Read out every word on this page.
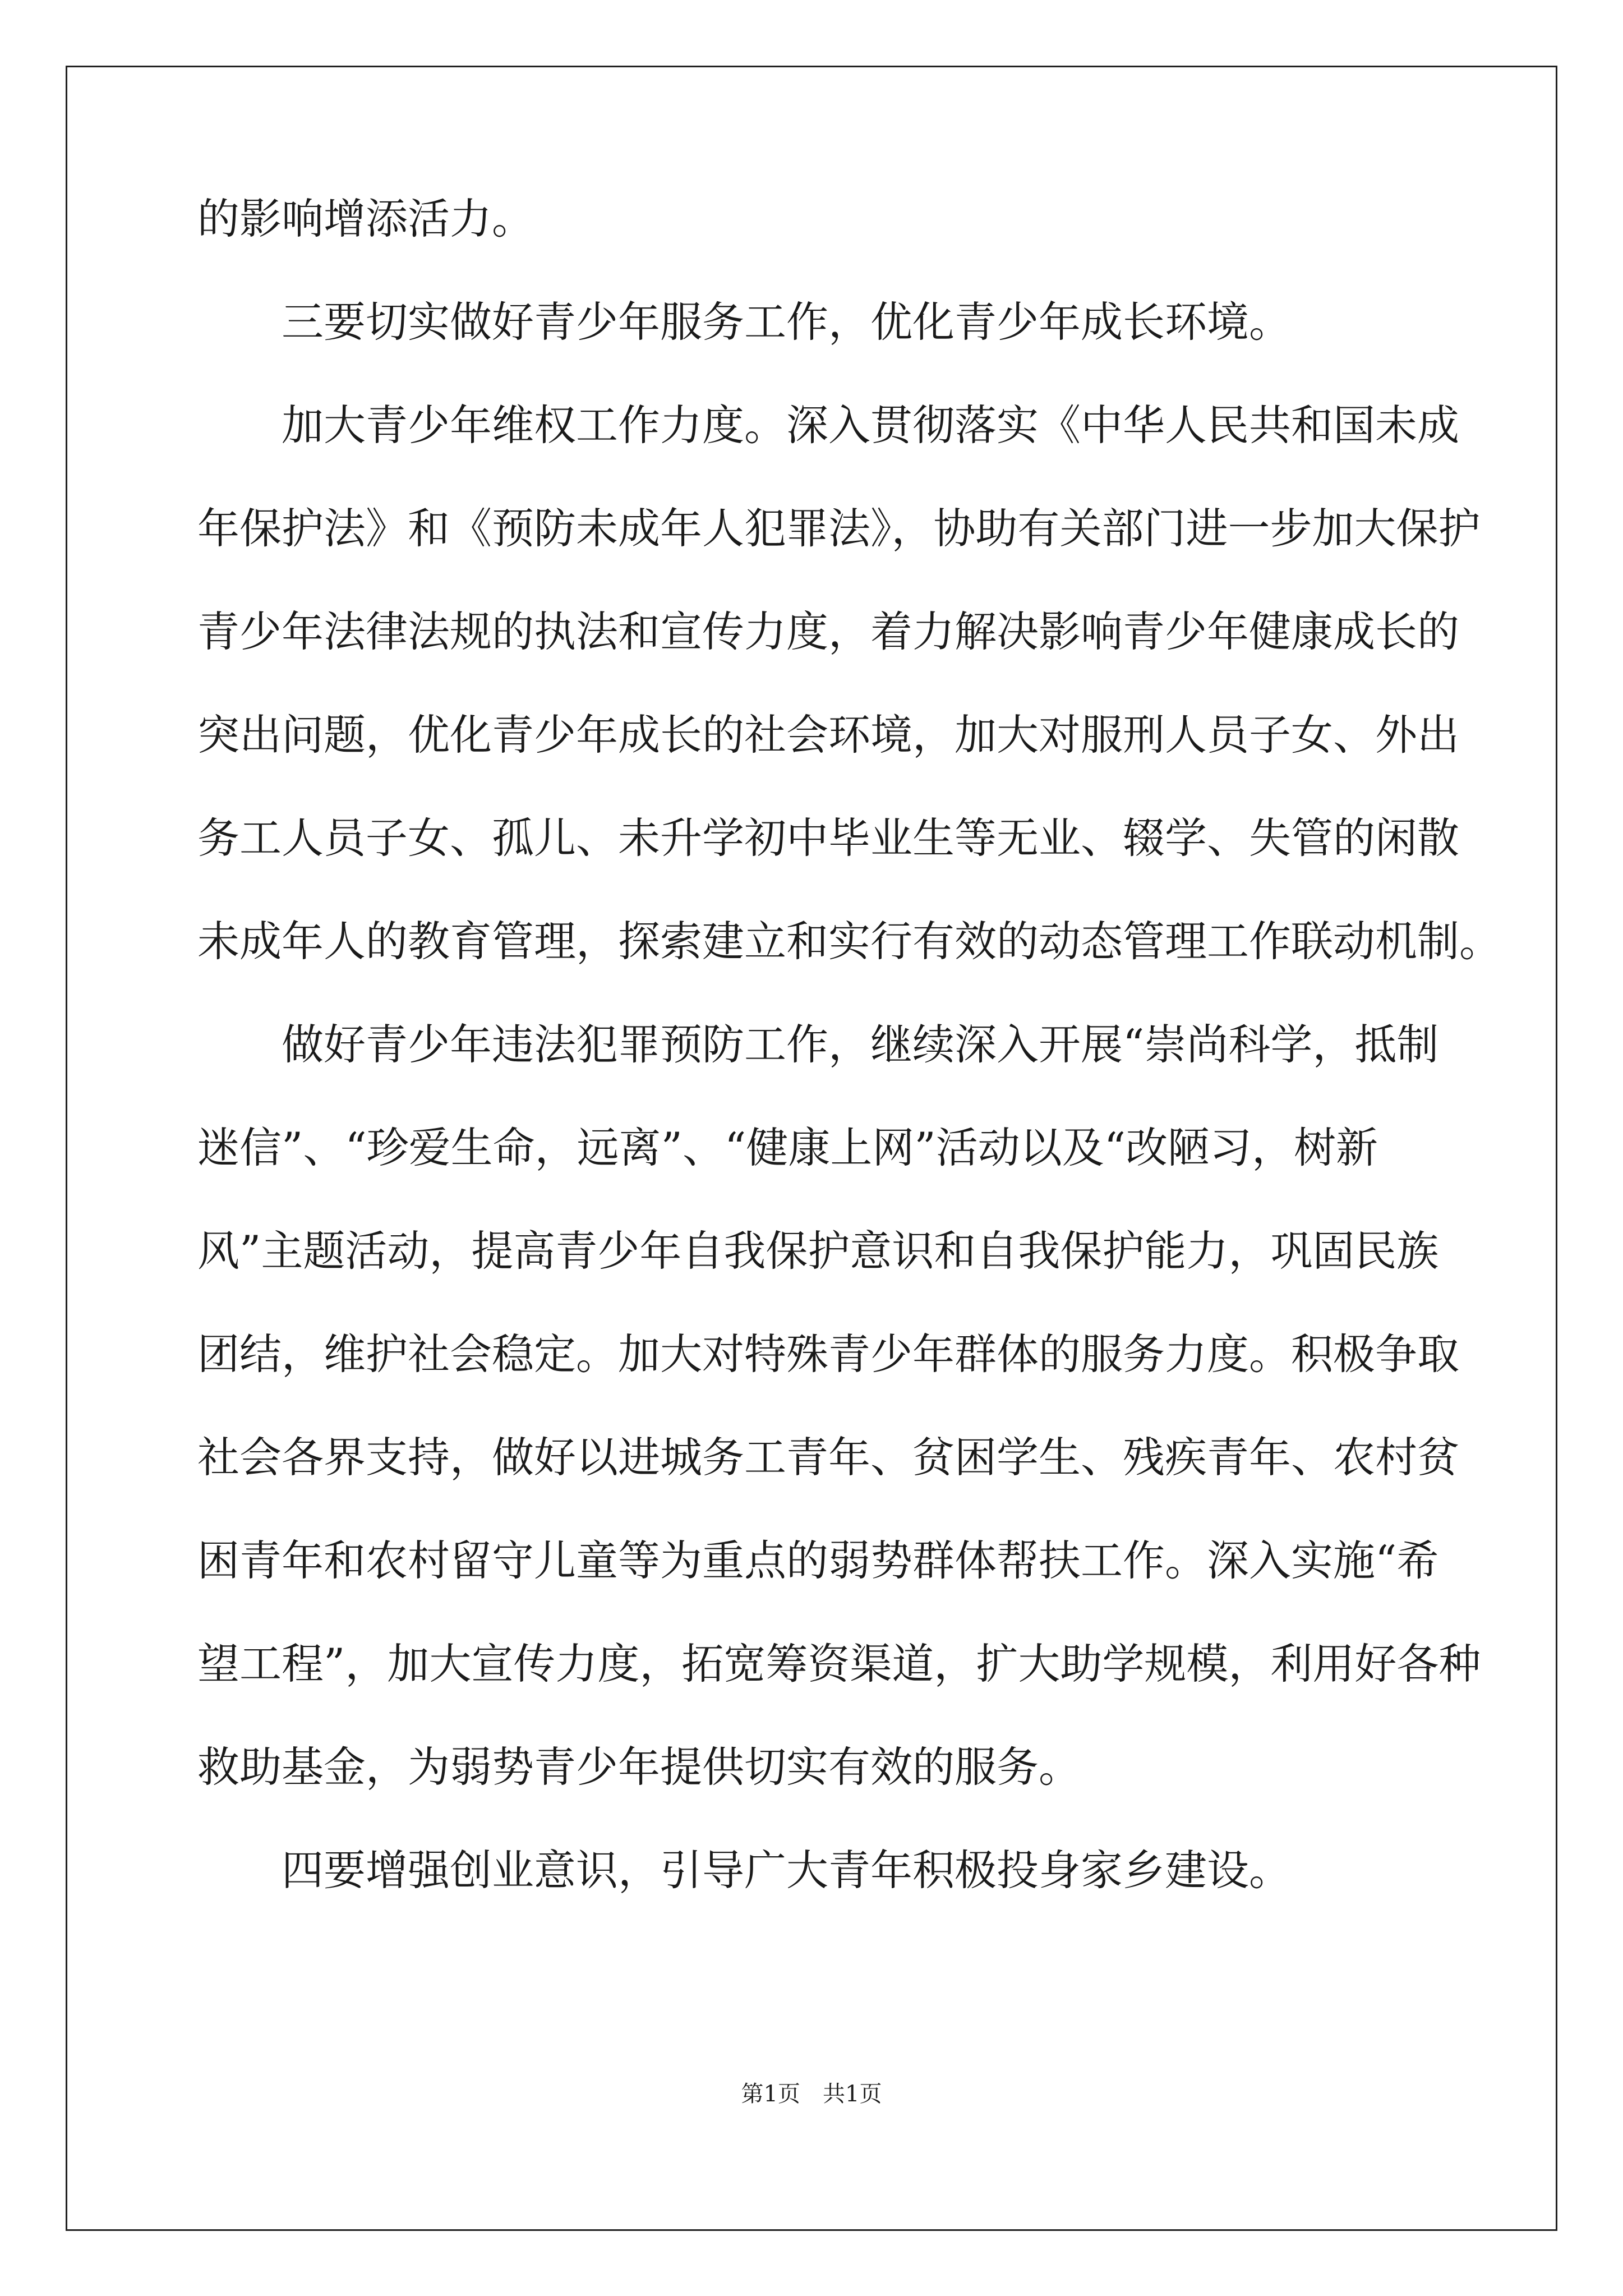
的影响增添活力。
三要切实做好青少年服务工作，优化青少年成长环境。
加大青少年维权工作力度。深入贯彻落实《中华人民共和国未成
年保护法》和《预防未成年人犯罪法》，协助有关部门进一步加大保护
青少年法律法规的执法和宣传力度，着力解决影响青少年健康成长的
突出问题，优化青少年成长的社会环境，加大对服刑人员子女、外出
务工人员子女、孤儿、未升学初中毕业生等无业、辍学、失管的闲散
未成年人的教育管理，探索建立和实行有效的动态管理工作联动机制。
做好青少年违法犯罪预防工作，继续深入开展“崇尚科学，抵制
迷信”、“珍爱生命，远离”、“健康上网”活动以及“改陋习，树新
风”主题活动，提高青少年自我保护意识和自我保护能力，巩固民族
团结，维护社会稳定。加大对特殊青少年群体的服务力度。积极争取
社会各界支持，做好以进城务工青年、贫困学生、残疾青年、农村贫
困青年和农村留守儿童等为重点的弱势群体帮扶工作。深入实施“希
望工程”，加大宣传力度，拓宽筹资渠道，扩大助学规模，利用好各种
救助基金，为弱势青少年提供切实有效的服务。
四要增强创业意识，引导广大青年积极投身家乡建设。
第1页　共1页
